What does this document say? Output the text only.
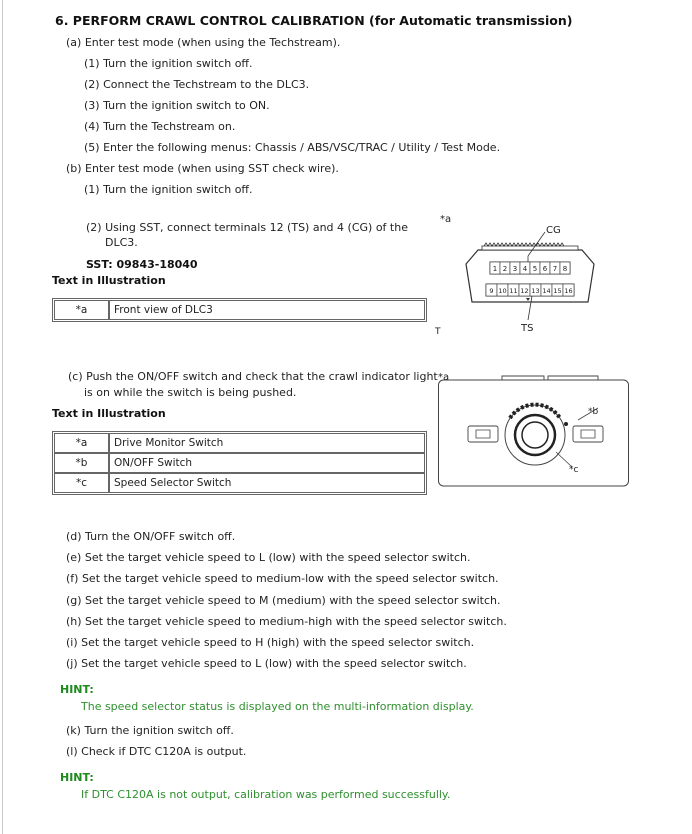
6. PERFORM CRAWL CONTROL CALIBRATION (for Automatic transmission)
(a) Enter test mode (when using the Techstream).
(1) Turn the ignition switch off.
(2) Connect the Techstream to the DLC3.
(3) Turn the ignition switch to ON.
(4) Turn the Techstream on.
(5) Enter the following menus: Chassis / ABS/VSC/TRAC / Utility / Test Mode.
(b) Enter test mode (when using SST check wire).
(1) Turn the ignition switch off.
(2) Using SST, connect terminals 12 (TS) and 4 (CG) of the
DLC3.
SST: 09843-18040
Text in Illustration
*a	Front view of DLC3
*a
T
1 2 3 4 5 6 7 8
9 10 11 12 13 14 15 16
CG
TS
(c) Push the ON/OFF switch and check that the crawl indicator light
is on while the switch is being pushed.
Text in Illustration
*a	Drive Monitor Switch
*b	ON/OFF Switch
*c	Speed Selector Switch
*a
*b
*c
(d) Turn the ON/OFF switch off.
(e) Set the target vehicle speed to L (low) with the speed selector switch.
(f) Set the target vehicle speed to medium-low with the speed selector switch.
(g) Set the target vehicle speed to M (medium) with the speed selector switch.
(h) Set the target vehicle speed to medium-high with the speed selector switch.
(i) Set the target vehicle speed to H (high) with the speed selector switch.
(j) Set the target vehicle speed to L (low) with the speed selector switch.
HINT:
The speed selector status is displayed on the multi-information display.
(k) Turn the ignition switch off.
(l) Check if DTC C120A is output.
HINT:
If DTC C120A is not output, calibration was performed successfully.
